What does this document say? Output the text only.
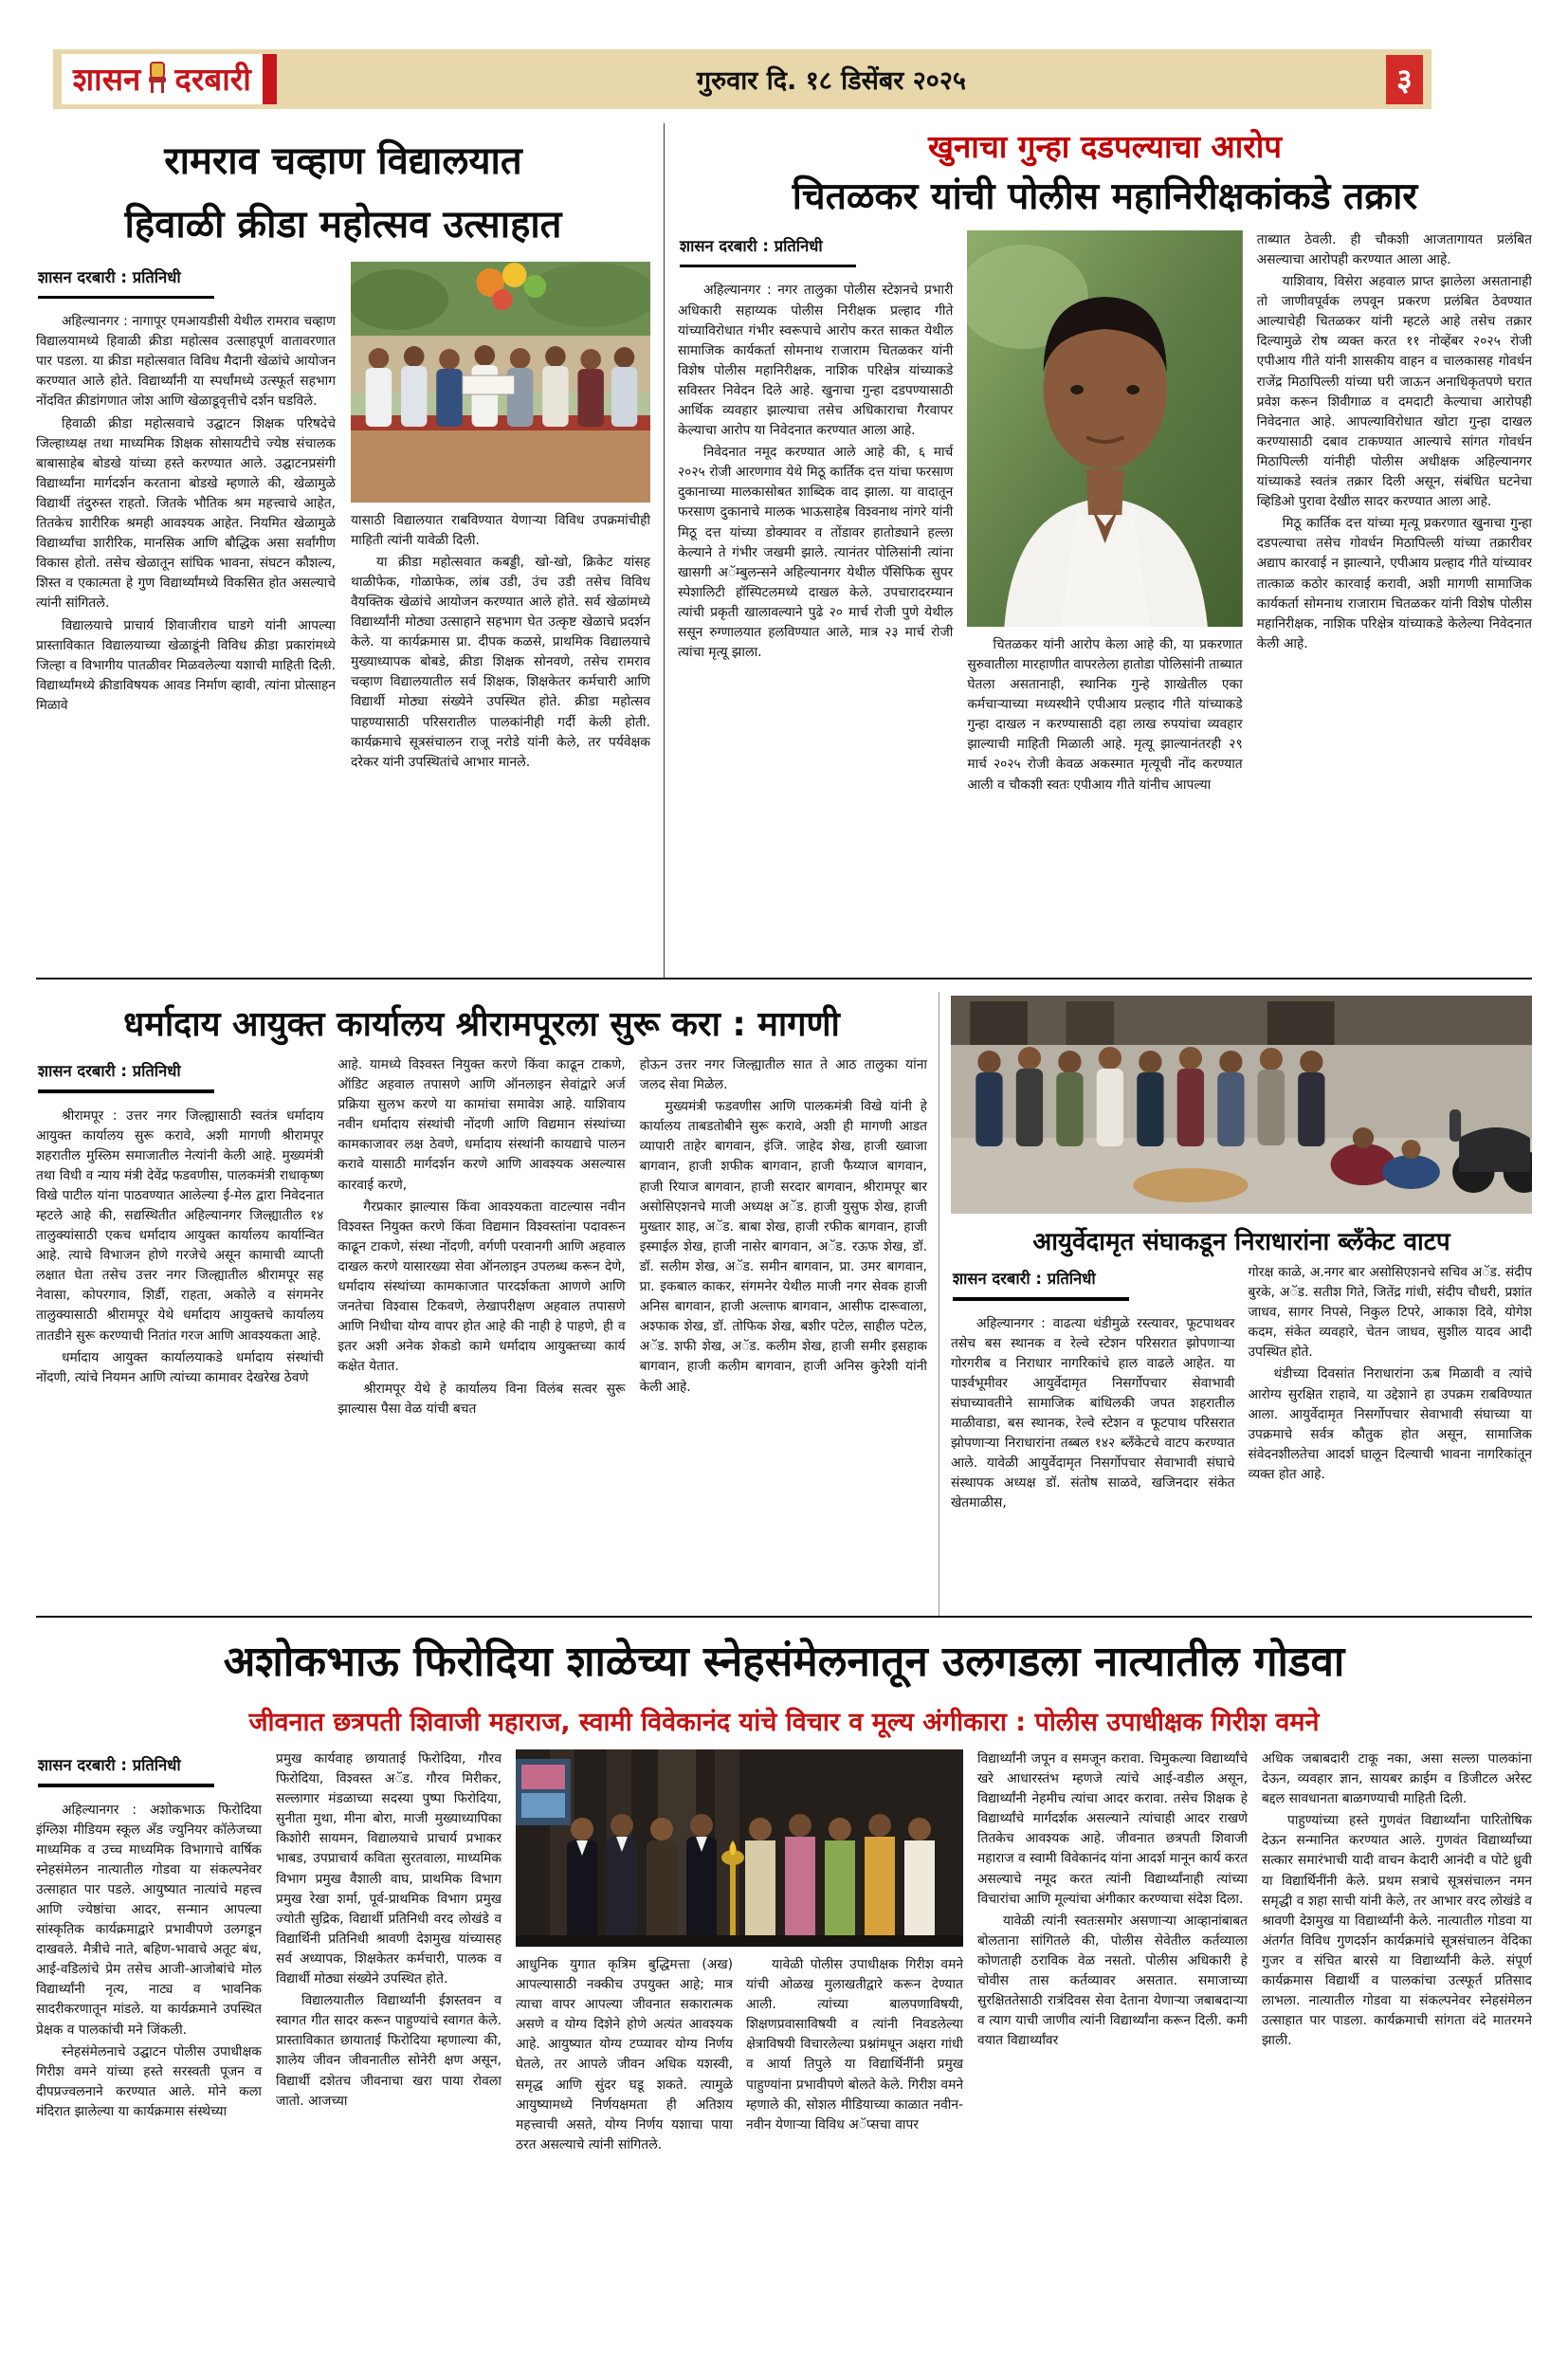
शासन दरबारी	गुरुवार दि. १८ डिसेंबर २०२५	३
रामराव चव्हाण विद्यालयात
हिवाळी क्रीडा महोत्सव उत्साहात
शासन दरबारी : प्रतिनिधी

अहिल्यानगर : नागापूर एमआयडीसी येथील रामराव चव्हाण विद्यालयामध्ये हिवाळी क्रीडा महोत्सव उत्साहपूर्ण वातावरणात पार पडला. या क्रीडा महोत्सवात विविध मैदानी खेळांचे आयोजन करण्यात आले होते. विद्यार्थ्यांनी या स्पर्धांमध्ये उत्स्फूर्त सहभाग नोंदवित क्रीडांगणात जोश आणि खेळाडूवृत्तीचे दर्शन घडविले.

हिवाळी क्रीडा महोत्सवाचे उद्घाटन शिक्षक परिषदेचे जिल्हाध्यक्ष तथा माध्यमिक शिक्षक सोसायटीचे ज्येष्ठ संचालक बाबासाहेब बोडखे यांच्या हस्ते करण्यात आले. उद्घाटनप्रसंगी विद्यार्थ्यांना मार्गदर्शन करताना बोडखे म्हणाले की, खेळामुळे विद्यार्थी तंदुरुस्त राहतो. जितके भौतिक श्रम महत्त्वाचे आहेत, तितकेच शारीरिक श्रमही आवश्यक आहेत. नियमित खेळामुळे विद्यार्थ्यांचा शारीरिक, मानसिक आणि बौद्धिक असा सर्वांगीण विकास होतो. तसेच खेळातून सांघिक भावना, संघटन कौशल्य, शिस्त व एकात्मता हे गुण विद्यार्थ्यांमध्ये विकसित होत असल्याचे त्यांनी सांगितले.

विद्यालयाचे प्राचार्य शिवाजीराव घाडगे यांनी आपल्या प्रास्ताविकात विद्यालयाच्या खेळाडूंनी विविध क्रीडा प्रकारांमध्ये जिल्हा व विभागीय पातळीवर मिळवलेल्या यशाची माहिती दिली. विद्यार्थ्यांमध्ये क्रीडाविषयक आवड निर्माण व्हावी, त्यांना प्रोत्साहन मिळावे

यासाठी विद्यालयात राबविण्यात येणाऱ्या विविध उपक्रमांचीही माहिती त्यांनी यावेळी दिली.

या क्रीडा महोत्सवात कबड्डी, खो-खो, क्रिकेट यांसह थाळीफेक, गोळाफेक, लांब उडी, उंच उडी तसेच विविध वैयक्तिक खेळांचे आयोजन करण्यात आले होते. सर्व खेळांमध्ये विद्यार्थ्यांनी मोठ्या उत्साहाने सहभाग घेत उत्कृष्ट खेळाचे प्रदर्शन केले. या कार्यक्रमास प्रा. दीपक कळसे, प्राथमिक विद्यालयाचे मुख्याध्यापक बोबडे, क्रीडा शिक्षक सोनवणे, तसेच रामराव चव्हाण विद्यालयातील सर्व शिक्षक, शिक्षकेतर कर्मचारी आणि विद्यार्थी मोठ्या संख्येने उपस्थित होते. क्रीडा महोत्सव पाहण्यासाठी परिसरातील पालकांनीही गर्दी केली होती. कार्यक्रमाचे सूत्रसंचालन राजू नरोडे यांनी केले, तर पर्यवेक्षक दरेकर यांनी उपस्थितांचे आभार मानले.

खुनाचा गुन्हा दडपल्याचा आरोप
चितळकर यांची पोलीस महानिरीक्षकांकडे तक्रार
शासन दरबारी : प्रतिनिधी

अहिल्यानगर : नगर तालुका पोलीस स्टेशनचे प्रभारी अधिकारी सहाय्यक पोलीस निरीक्षक प्रल्हाद गीते यांच्याविरोधात गंभीर स्वरूपाचे आरोप करत साकत येथील सामाजिक कार्यकर्ता सोमनाथ राजाराम चितळकर यांनी विशेष पोलीस महानिरीक्षक, नाशिक परिक्षेत्र यांच्याकडे सविस्तर निवेदन दिले आहे. खुनाचा गुन्हा दडपण्यासाठी आर्थिक व्यवहार झाल्याचा तसेच अधिकाराचा गैरवापर केल्याचा आरोप या निवेदनात करण्यात आला आहे.

निवेदनात नमूद करण्यात आले आहे की, ६ मार्च २०२५ रोजी आरणगाव येथे मिठू कार्तिक दत्त यांचा फरसाण दुकानाच्या मालकासोबत शाब्दिक वाद झाला. या वादातून फरसाण दुकानाचे मालक भाऊसाहेब विश्वनाथ नांगरे यांनी मिठू दत्त यांच्या डोक्यावर व तोंडावर हातोड्याने हल्ला केल्याने ते गंभीर जखमी झाले. त्यानंतर पोलिसांनी त्यांना खासगी अॅम्बुलन्सने अहिल्यानगर येथील पॅसिफिक सुपर स्पेशालिटी हॉस्पिटलमध्ये दाखल केले. उपचारादरम्यान त्यांची प्रकृती खालावल्याने पुढे २० मार्च रोजी पुणे येथील ससून रुग्णालयात हलविण्यात आले, मात्र २३ मार्च रोजी त्यांचा मृत्यू झाला.

चितळकर यांनी आरोप केला आहे की, या प्रकरणात सुरुवातीला मारहाणीत वापरलेला हातोडा पोलिसांनी ताब्यात घेतला असतानाही, स्थानिक गुन्हे शाखेतील एका कर्मचाऱ्याच्या मध्यस्थीने एपीआय प्रल्हाद गीते यांच्याकडे गुन्हा दाखल न करण्यासाठी दहा लाख रुपयांचा व्यवहार झाल्याची माहिती मिळाली आहे. मृत्यू झाल्यानंतरही २९ मार्च २०२५ रोजी केवळ अकस्मात मृत्यूची नोंद करण्यात आली व चौकशी स्वतः एपीआय गीते यांनीच आपल्या

ताब्यात ठेवली. ही चौकशी आजतागायत प्रलंबित असल्याचा आरोपही करण्यात आला आहे.

याशिवाय, विसेरा अहवाल प्राप्त झालेला असतानाही तो जाणीवपूर्वक लपवून प्रकरण प्रलंबित ठेवण्यात आल्याचेही चितळकर यांनी म्हटले आहे तसेच तक्रार दिल्यामुळे रोष व्यक्त करत ११ नोव्हेंबर २०२५ रोजी एपीआय गीते यांनी शासकीय वाहन व चालकासह गोवर्धन राजेंद्र मिठापिल्ली यांच्या घरी जाऊन अनाधिकृतपणे घरात प्रवेश करून शिवीगाळ व दमदाटी केल्याचा आरोपही निवेदनात आहे. आपल्याविरोधात खोटा गुन्हा दाखल करण्यासाठी दबाव टाकण्यात आल्याचे सांगत गोवर्धन मिठापिल्ली यांनीही पोलीस अधीक्षक अहिल्यानगर यांच्याकडे स्वतंत्र तक्रार दिली असून, संबंधित घटनेचा व्हिडिओ पुरावा देखील सादर करण्यात आला आहे.

मिठू कार्तिक दत्त यांच्या मृत्यू प्रकरणात खुनाचा गुन्हा दडपल्याचा तसेच गोवर्धन मिठापिल्ली यांच्या तक्रारीवर अद्याप कारवाई न झाल्याने, एपीआय प्रल्हाद गीते यांच्यावर तात्काळ कठोर कारवाई करावी, अशी मागणी सामाजिक कार्यकर्ता सोमनाथ राजाराम चितळकर यांनी विशेष पोलीस महानिरीक्षक, नाशिक परिक्षेत्र यांच्याकडे केलेल्या निवेदनात केली आहे.

धर्मादाय आयुक्त कार्यालय श्रीरामपूरला सुरू करा : मागणी
शासन दरबारी : प्रतिनिधी

श्रीरामपूर : उत्तर नगर जिल्ह्यासाठी स्वतंत्र धर्मादाय आयुक्त कार्यालय सुरू करावे, अशी मागणी श्रीरामपूर शहरातील मुस्लिम समाजातील नेत्यांनी केली आहे. मुख्यमंत्री तथा विधी व न्याय मंत्री देवेंद्र फडवणीस, पालकमंत्री राधाकृष्ण विखे पाटील यांना पाठवण्यात आलेल्या ई-मेल द्वारा निवेदनात म्हटले आहे की, सद्यस्थितीत अहिल्यानगर जिल्ह्यातील १४ तालुक्यांसाठी एकच धर्मादाय आयुक्त कार्यालय कार्यान्वित आहे. त्याचे विभाजन होणे गरजेचे असून कामाची व्याप्ती लक्षात घेता तसेच उत्तर नगर जिल्ह्यातील श्रीरामपूर सह नेवासा, कोपरगाव, शिर्डी, राहता, अकोले व संगमनेर तालुक्यासाठी श्रीरामपूर येथे धर्मादाय आयुक्तचे कार्यालय तातडीने सुरू करण्याची नितांत गरज आणि आवश्यकता आहे.

धर्मादाय आयुक्त कार्यालयाकडे धर्मादाय संस्थांची नोंदणी, त्यांचे नियमन आणि त्यांच्या कामावर देखरेख ठेवणे

आहे. यामध्ये विश्वस्त नियुक्त करणे किंवा काढून टाकणे, ऑडिट अहवाल तपासणे आणि ऑनलाइन सेवांद्वारे अर्ज प्रक्रिया सुलभ करणे या कामांचा समावेश आहे. याशिवाय नवीन धर्मादाय संस्थांची नोंदणी आणि विद्यमान संस्थांच्या कामकाजावर लक्ष ठेवणे, धर्मादाय संस्थांनी कायद्याचे पालन करावे यासाठी मार्गदर्शन करणे आणि आवश्यक असल्यास कारवाई करणे,

गैरप्रकार झाल्यास किंवा आवश्यकता वाटल्यास नवीन विश्वस्त नियुक्त करणे किंवा विद्यमान विश्वस्तांना पदावरून काढून टाकणे, संस्था नोंदणी, वर्गणी परवानगी आणि अहवाल दाखल करणे यासारख्या सेवा ऑनलाइन उपलब्ध करून देणे, धर्मादाय संस्थांच्या कामकाजात पारदर्शकता आणणे आणि जनतेचा विश्वास टिकवणे, लेखापरीक्षण अहवाल तपासणे आणि निधीचा योग्य वापर होत आहे की नाही हे पाहणे, ही व इतर अशी अनेक शेकडो कामे धर्मादाय आयुक्तच्या कार्य कक्षेत येतात.

श्रीरामपूर येथे हे कार्यालय विना विलंब सत्वर सुरू झाल्यास पैसा वेळ यांची बचत

होऊन उत्तर नगर जिल्ह्यातील सात ते आठ तालुका यांना जलद सेवा मिळेल.

मुख्यमंत्री फडवणीस आणि पालकमंत्री विखे यांनी हे कार्यालय ताबडतोबीने सुरू करावे, अशी ही मागणी आडत व्यापारी ताहेर बागवान, इंजि. जाहेद शेख, हाजी ख्वाजा बागवान, हाजी शफीक बागवान, हाजी फैय्याज बागवान, हाजी रियाज बागवान, हाजी सरदार बागवान, श्रीरामपूर बार असोसिएशनचे माजी अध्यक्ष अॅड. हाजी युसुफ शेख, हाजी मुख्तार शाह, अॅड. बाबा शेख, हाजी रफीक बागवान, हाजी इस्माईल शेख, हाजी नासेर बागवान, अॅड. रऊफ शेख, डॉ. डॉ. सलीम शेख, अॅड. समीन बागवान, प्रा. उमर बागवान, प्रा. इकबाल काकर, संगमनेर येथील माजी नगर सेवक हाजी अनिस बागवान, हाजी अल्ताफ बागवान, आसीफ दारूवाला, अश्फाक शेख, डॉ. तोफिक शेख, बशीर पटेल, साहील पटेल, अॅड. शफी शेख, अॅड. कलीम शेख, हाजी समीर इसहाक बागवान, हाजी कलीम बागवान, हाजी अनिस कुरेशी यांनी केली आहे.

आयुर्वेदामृत संघाकडून निराधारांना ब्लँकेट वाटप
शासन दरबारी : प्रतिनिधी

अहिल्यानगर : वाढत्या थंडीमुळे रस्त्यावर, फूटपाथवर तसेच बस स्थानक व रेल्वे स्टेशन परिसरात झोपणाऱ्या गोरगरीब व निराधार नागरिकांचे हाल वाढले आहेत. या पार्श्वभूमीवर आयुर्वेदामृत निसर्गोपचार सेवाभावी संघाच्यावतीने सामाजिक बांधिलकी जपत शहरातील माळीवाडा, बस स्थानक, रेल्वे स्टेशन व फूटपाथ परिसरात झोपणाऱ्या निराधारांना तब्बल १४२ ब्लँकेटचे वाटप करण्यात आले. यावेळी आयुर्वेदामृत निसर्गोपचार सेवाभावी संघाचे संस्थापक अध्यक्ष डॉ. संतोष साळवे, खजिनदार संकेत खेतमाळीस,

गोरक्ष काळे, अ.नगर बार असोसिएशनचे सचिव अॅड. संदीप बुरके, अॅड. सतीश गिते, जितेंद्र गांधी, संदीप चौधरी, प्रशांत जाधव, सागर निपसे, निकुल टिपरे, आकाश दिवे, योगेश कदम, संकेत व्यवहारे, चेतन जाधव, सुशील यादव आदी उपस्थित होते.

थंडीच्या दिवसांत निराधारांना ऊब मिळावी व त्यांचे आरोग्य सुरक्षित राहावे, या उद्देशाने हा उपक्रम राबविण्यात आला. आयुर्वेदामृत निसर्गोपचार सेवाभावी संघाच्या या उपक्रमाचे सर्वत्र कौतुक होत असून, सामाजिक संवेदनशीलतेचा आदर्श घालून दिल्याची भावना नागरिकांतून व्यक्त होत आहे.

अशोकभाऊ फिरोदिया शाळेच्या स्नेहसंमेलनातून उलगडला नात्यातील गोडवा
जीवनात छत्रपती शिवाजी महाराज, स्वामी विवेकानंद यांचे विचार व मूल्य अंगीकारा : पोलीस उपाधीक्षक गिरीश वमने
शासन दरबारी : प्रतिनिधी

अहिल्यानगर : अशोकभाऊ फिरोदिया इंग्लिश मीडियम स्कूल अँड ज्युनियर कॉलेजच्या माध्यमिक व उच्च माध्यमिक विभागाचे वार्षिक स्नेहसंमेलन नात्यातील गोडवा या संकल्पनेवर उत्साहात पार पडले. आयुष्यात नात्यांचे महत्त्व आणि ज्येष्ठांचा आदर, सन्मान आपल्या सांस्कृतिक कार्यक्रमाद्वारे प्रभावीपणे उलगडून दाखवले. मैत्रीचे नाते, बहिण-भावाचे अतूट बंध, आई-वडिलांचे प्रेम तसेच आजी-आजोबांचे मोल विद्यार्थ्यांनी नृत्य, नाट्य व भावनिक सादरीकरणातून मांडले. या कार्यक्रमाने उपस्थित प्रेक्षक व पालकांची मने जिंकली.

स्नेहसंमेलनाचे उद्घाटन पोलीस उपाधीक्षक गिरीश वमने यांच्या हस्ते सरस्वती पूजन व दीपप्रज्वलनाने करण्यात आले. मोने कला मंदिरात झालेल्या या कार्यक्रमास संस्थेच्या

प्रमुख कार्यवाह छायाताई फिरोदिया, गौरव फिरोदिया, विश्वस्त अॅड. गौरव मिरीकर, सल्लागार मंडळाच्या सदस्या पुष्पा फिरोदिया, सुनीता मुथा, मीना बोरा, माजी मुख्याध्यापिका किशोरी सायमन, विद्यालयाचे प्राचार्य प्रभाकर भाबड, उपप्राचार्य कविता सुरतवाला, माध्यमिक विभाग प्रमुख वैशाली वाघ, प्राथमिक विभाग प्रमुख रेखा शर्मा, पूर्व-प्राथमिक विभाग प्रमुख ज्योती सुद्रिक, विद्यार्थी प्रतिनिधी वरद लोखंडे व विद्यार्थिनी प्रतिनिधी श्रावणी देशमुख यांच्यासह सर्व अध्यापक, शिक्षकेतर कर्मचारी, पालक व विद्यार्थी मोठ्या संख्येने उपस्थित होते.

विद्यालयातील विद्यार्थ्यांनी ईशस्तवन व स्वागत गीत सादर करून पाहुण्यांचे स्वागत केले. प्रास्ताविकात छायाताई फिरोदिया म्हणाल्या की, शालेय जीवन जीवनातील सोनेरी क्षण असून, विद्यार्थी दशेतच जीवनाचा खरा पाया रोवला जातो. आजच्या

आधुनिक युगात कृत्रिम बुद्धिमत्ता (अख) आपल्यासाठी नक्कीच उपयुक्त आहे; मात्र त्याचा वापर आपल्या जीवनात सकारात्मक असणे व योग्य दिशेने होणे अत्यंत आवश्यक आहे. आयुष्यात योग्य टप्प्यावर योग्य निर्णय घेतले, तर आपले जीवन अधिक यशस्वी, समृद्ध आणि सुंदर घडू शकते. त्यामुळे आयुष्यामध्ये निर्णयक्षमता ही अतिशय महत्त्वाची असते, योग्य निर्णय यशाचा पाया ठरत असल्याचे त्यांनी सांगितले.

यावेळी पोलीस उपाधीक्षक गिरीश वमने यांची ओळख मुलाखतीद्वारे करून देण्यात आली. त्यांच्या बालपणाविषयी, शिक्षणप्रवासाविषयी व त्यांनी निवडलेल्या क्षेत्राविषयी विचारलेल्या प्रश्नांमधून अक्षरा गांधी व आर्या तिपुले या विद्यार्थिनींनी प्रमुख पाहुण्यांना प्रभावीपणे बोलते केले. गिरीश वमने म्हणाले की, सोशल मीडियाच्या काळात नवीन-नवीन येणाऱ्या विविध अॅप्सचा वापर

विद्यार्थ्यांनी जपून व समजून करावा. चिमुकल्या विद्यार्थ्यांचे खरे आधारस्तंभ म्हणजे त्यांचे आई-वडील असून, विद्यार्थ्यांनी नेहमीच त्यांचा आदर करावा. तसेच शिक्षक हे विद्यार्थ्यांचे मार्गदर्शक असल्याने त्यांचाही आदर राखणे तितकेच आवश्यक आहे. जीवनात छत्रपती शिवाजी महाराज व स्वामी विवेकानंद यांना आदर्श मानून कार्य करत असल्याचे नमूद करत त्यांनी विद्यार्थ्यांनाही त्यांच्या विचारांचा आणि मूल्यांचा अंगीकार करण्याचा संदेश दिला.

यावेळी त्यांनी स्वतःसमोर असणाऱ्या आव्हानांबाबत बोलताना सांगितले की, पोलीस सेवेतील कर्तव्याला कोणताही ठराविक वेळ नसतो. पोलीस अधिकारी हे चोवीस तास कर्तव्यावर असतात. समाजाच्या सुरक्षिततेसाठी रात्रंदिवस सेवा देताना येणाऱ्या जबाबदाऱ्या व त्याग याची जाणीव त्यांनी विद्यार्थ्यांना करून दिली. कमी वयात विद्यार्थ्यांवर

अधिक जबाबदारी टाकू नका, असा सल्ला पालकांना देऊन, व्यवहार ज्ञान, सायबर क्राईम व डिजीटल अरेस्ट बद्दल सावधानता बाळगण्याची माहिती दिली.

पाहुण्यांच्या हस्ते गुणवंत विद्यार्थ्यांना पारितोषिक देऊन सन्मानित करण्यात आले. गुणवंत विद्यार्थ्यांच्या सत्कार समारंभाची यादी वाचन केदारी आनंदी व पोटे ध्रुवी या विद्यार्थिनींनी केले. प्रथम सत्राचे सूत्रसंचालन नमन समृद्धी व शहा साची यांनी केले, तर आभार वरद लोखंडे व श्रावणी देशमुख या विद्यार्थ्यांनी केले. नात्यातील गोडवा या अंतर्गत विविध गुणदर्शन कार्यक्रमांचे सूत्रसंचालन वेदिका गुजर व संचित बारसे या विद्यार्थ्यांनी केले. संपूर्ण कार्यक्रमास विद्यार्थी व पालकांचा उत्स्फूर्त प्रतिसाद लाभला. नात्यातील गोडवा या संकल्पनेवर स्नेहसंमेलन उत्साहात पार पाडला. कार्यक्रमाची सांगता वंदे मातरमने झाली.
